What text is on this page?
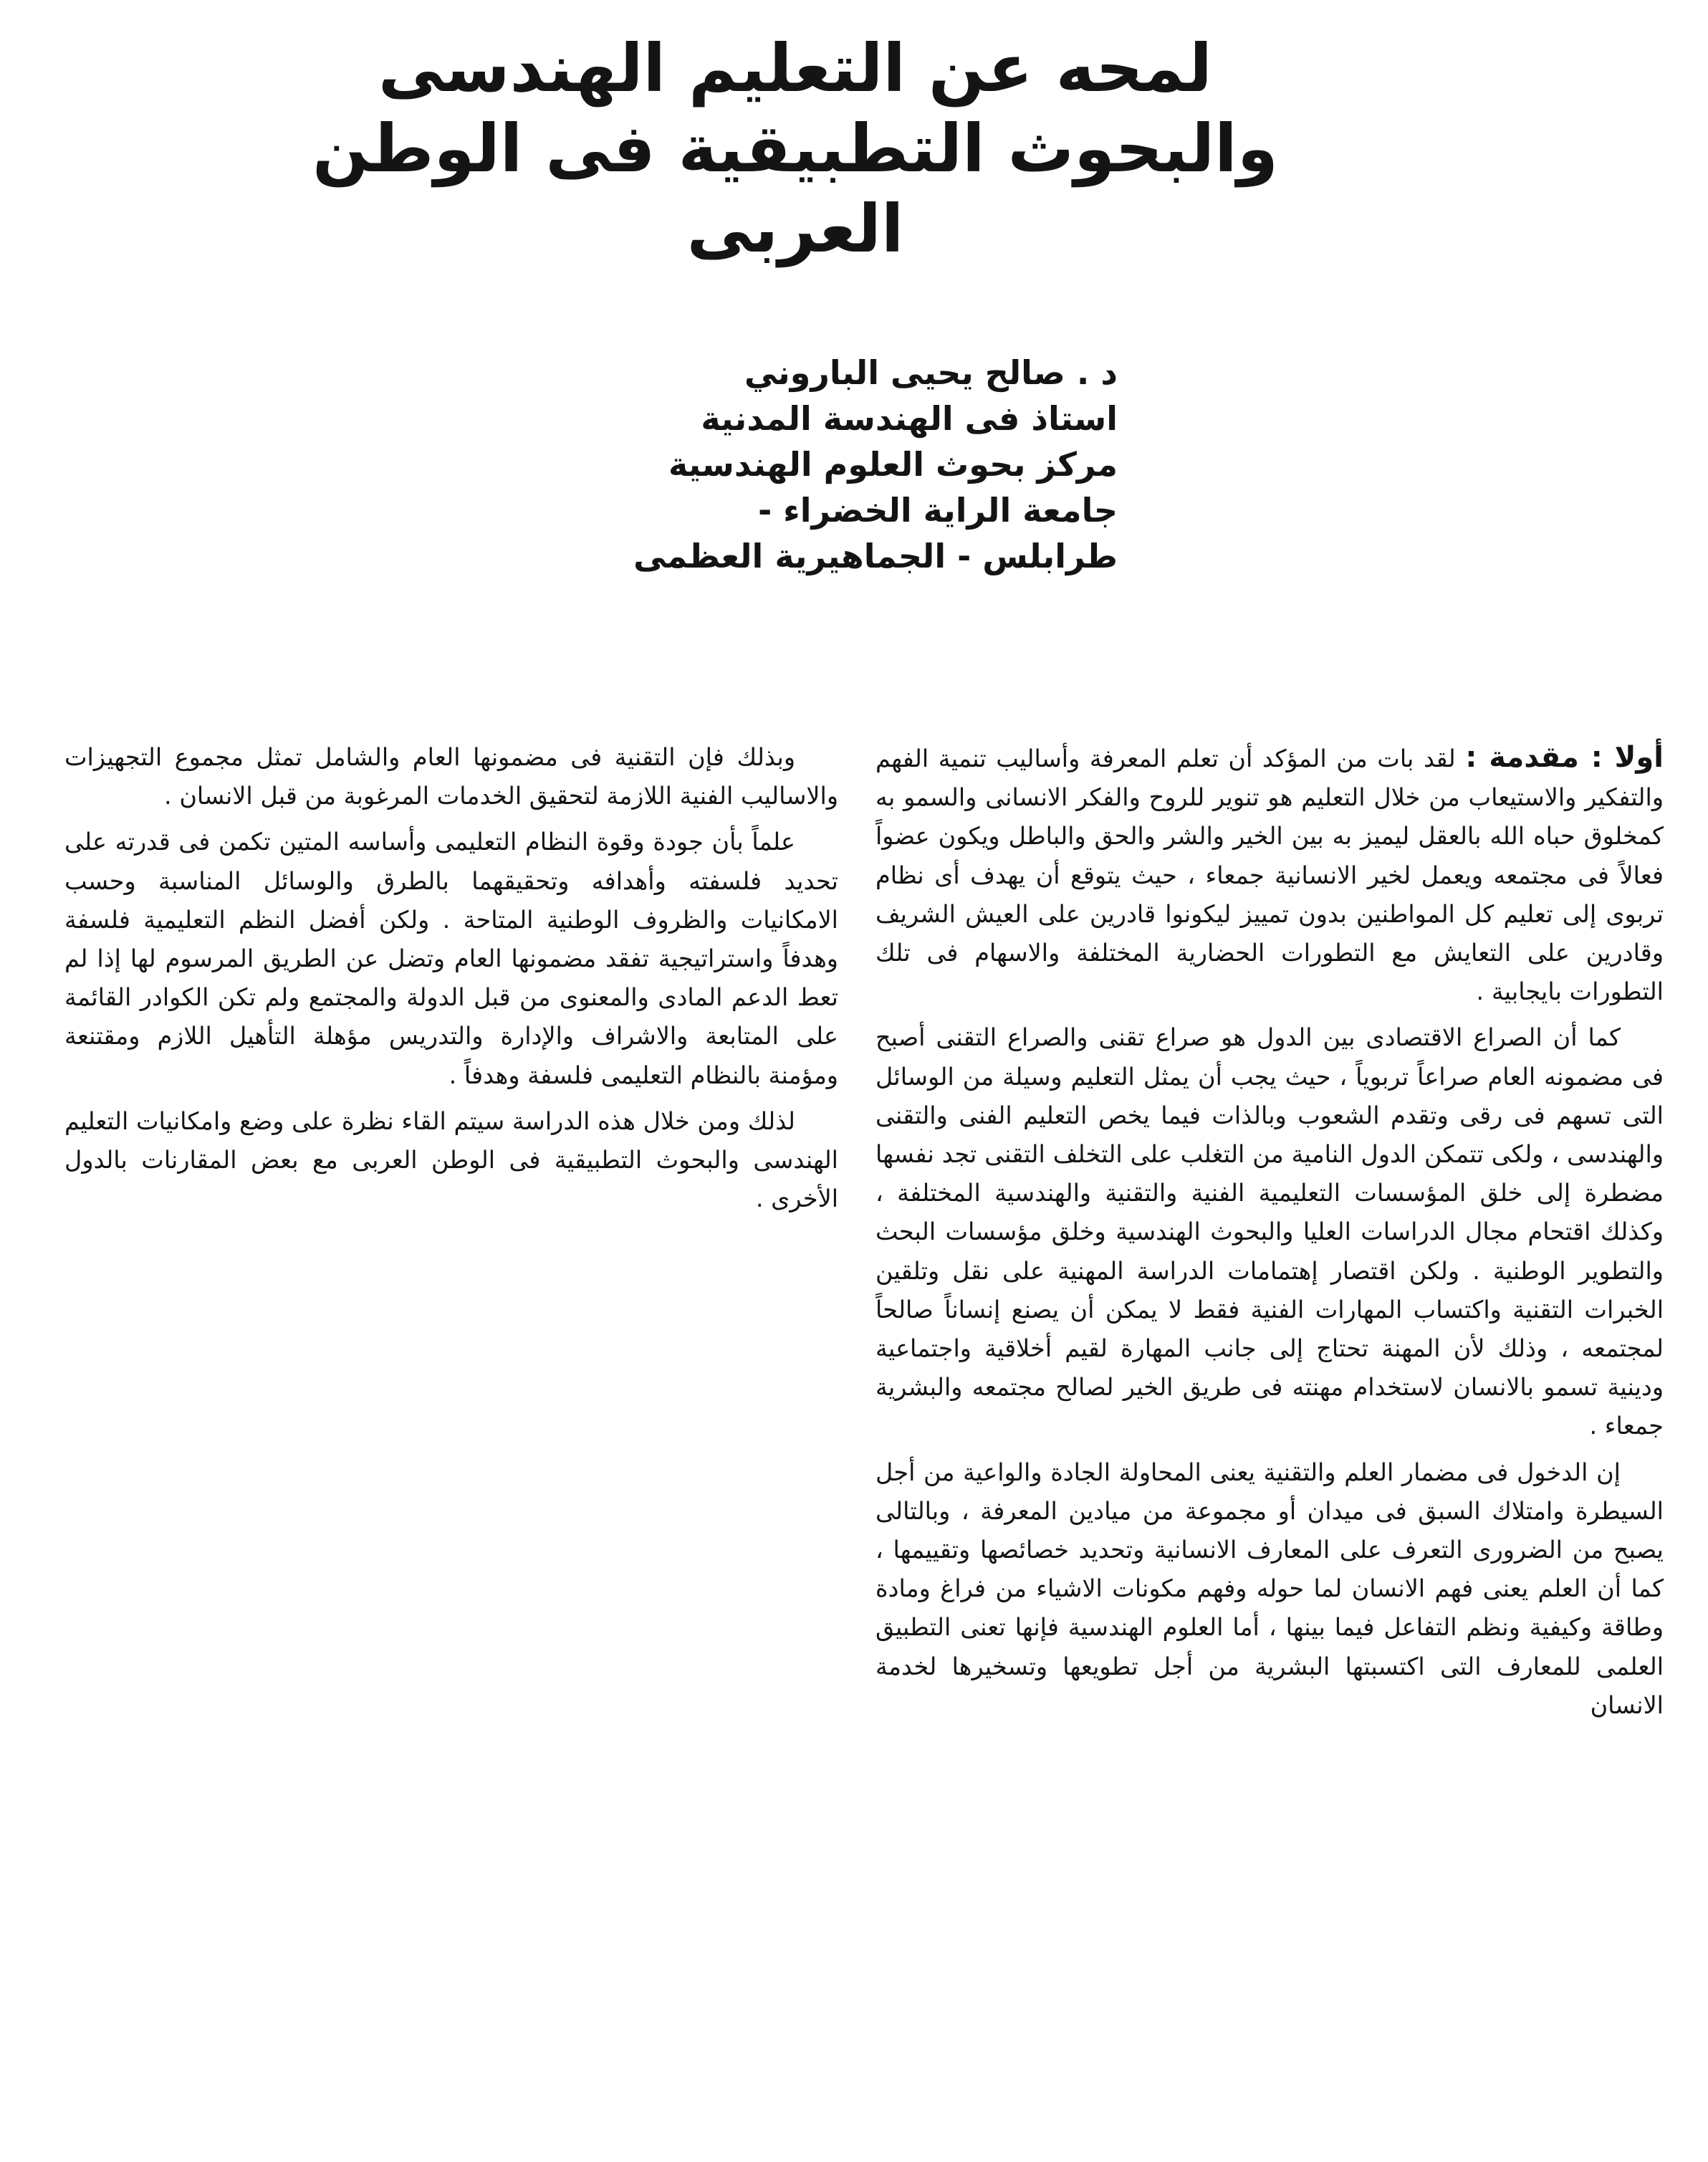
لمحه عن التعليم الهندسى
والبحوث التطبيقية فى الوطن
العربى
د . صالح يحيى الباروني
استاذ فى الهندسة المدنية
مركز بحوث العلوم الهندسية
جامعة الراية الخضراء -
طرابلس - الجماهيرية العظمى

أولا : مقدمة : لقد بات من المؤكد أن تعلم المعرفة وأساليب تنمية الفهم والتفكير والاستيعاب من خلال التعليم هو تنوير للروح والفكر الانسانى والسمو به كمخلوق حباه الله بالعقل ليميز به بين الخير والشر والحق والباطل ويكون عضواً فعالاً فى مجتمعه ويعمل لخير الانسانية جمعاء ، حيث يتوقع أن يهدف أى نظام تربوى إلى تعليم كل المواطنين بدون تمييز ليكونوا قادرين على العيش الشريف وقادرين على التعايش مع التطورات الحضارية المختلفة والاسهام فى تلك التطورات بايجابية .

كما أن الصراع الاقتصادى بين الدول هو صراع تقنى والصراع التقنى أصبح فى مضمونه العام صراعاً تربوياً ، حيث يجب أن يمثل التعليم وسيلة من الوسائل التى تسهم فى رقى وتقدم الشعوب وبالذات فيما يخص التعليم الفنى والتقنى والهندسى ، ولكى تتمكن الدول النامية من التغلب على التخلف التقنى تجد نفسها مضطرة إلى خلق المؤسسات التعليمية الفنية والتقنية والهندسية المختلفة ، وكذلك اقتحام مجال الدراسات العليا والبحوث الهندسية وخلق مؤسسات البحث والتطوير الوطنية . ولكن اقتصار إهتمامات الدراسة المهنية على نقل وتلقين الخبرات التقنية واكتساب المهارات الفنية فقط لا يمكن أن يصنع إنساناً صالحاً لمجتمعه ، وذلك لأن المهنة تحتاج إلى جانب المهارة لقيم أخلاقية واجتماعية ودينية تسمو بالانسان لاستخدام مهنته فى طريق الخير لصالح مجتمعه والبشرية جمعاء .

إن الدخول فى مضمار العلم والتقنية يعنى المحاولة الجادة والواعية من أجل السيطرة وامتلاك السبق فى ميدان أو مجموعة من ميادين المعرفة ، وبالتالى يصبح من الضرورى التعرف على المعارف الانسانية وتحديد خصائصها وتقييمها ، كما أن العلم يعنى فهم الانسان لما حوله وفهم مكونات الاشياء من فراغ ومادة وطاقة وكيفية ونظم التفاعل فيما بينها ، أما العلوم الهندسية فإنها تعنى التطبيق العلمى للمعارف التى اكتسبتها البشرية من أجل تطويعها وتسخيرها لخدمة الانسان

وبذلك فإن التقنية فى مضمونها العام والشامل تمثل مجموع التجهيزات والاساليب الفنية اللازمة لتحقيق الخدمات المرغوبة من قبل الانسان .

علماً بأن جودة وقوة النظام التعليمى وأساسه المتين تكمن فى قدرته على تحديد فلسفته وأهدافه وتحقيقهما بالطرق والوسائل المناسبة وحسب الامكانيات والظروف الوطنية المتاحة . ولكن أفضل النظم التعليمية فلسفة وهدفاً واستراتيجية تفقد مضمونها العام وتضل عن الطريق المرسوم لها إذا لم تعط الدعم المادى والمعنوى من قبل الدولة والمجتمع ولم تكن الكوادر القائمة على المتابعة والاشراف والإدارة والتدريس مؤهلة التأهيل اللازم ومقتنعة ومؤمنة بالنظام التعليمى فلسفة وهدفاً .

لذلك ومن خلال هذه الدراسة سيتم القاء نظرة على وضع وامكانيات التعليم الهندسى والبحوث التطبيقية فى الوطن العربى مع بعض المقارنات بالدول الأخرى .
